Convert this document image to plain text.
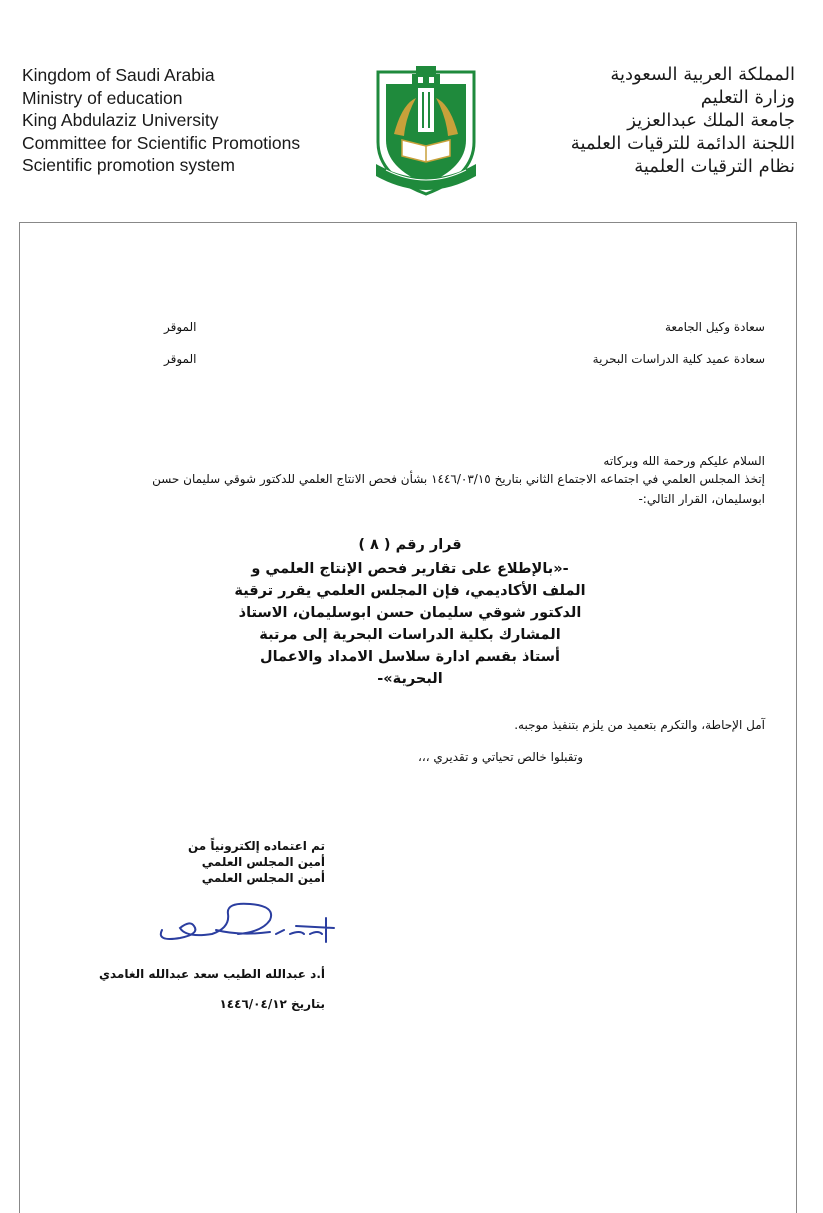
Kingdom of Saudi Arabia
Ministry of education
King Abdulaziz University
Committee for Scientific Promotions
Scientific promotion system
المملكة العربية السعودية
وزارة التعليم
جامعة الملك عبدالعزيز
اللجنة الدائمة للترقيات العلمية
نظام الترقيات العلمية
سعادة وكيل الجامعة
الموقر
سعادة عميد كلية الدراسات البحرية
الموقر
السلام عليكم ورحمة الله وبركاته
إتخذ المجلس العلمي في اجتماعه الاجتماع الثاني بتاريخ ١٤٤٦/٠٣/١٥ بشأن فحص الانتاج العلمي للدكتور شوقي سليمان حسن
ابوسليمان، القرار التالي:-
قرار رقم ( ٨ )
-«بالإطلاع على تقارير فحص الإنتاج العلمي و
الملف الأكاديمي، فإن المجلس العلمي يقرر ترقية
الدكتور شوقي سليمان حسن ابوسليمان، الاستاذ
المشارك بكلية الدراسات البحرية إلى مرتبة
أستاذ بقسم ادارة سلاسل الامداد والاعمال
البحرية»-
آمل الإحاطة، والتكرم بتعميد من يلزم بتنفيذ موجبه.
وتقبلوا خالص تحياتي و تقديري ،،،
تم اعتماده إلكترونياً من
أمين المجلس العلمي
أمين المجلس العلمي
أ.د عبدالله الطيب سعد عبدالله الغامدي
بتاريخ ١٤٤٦/٠٤/١٢
